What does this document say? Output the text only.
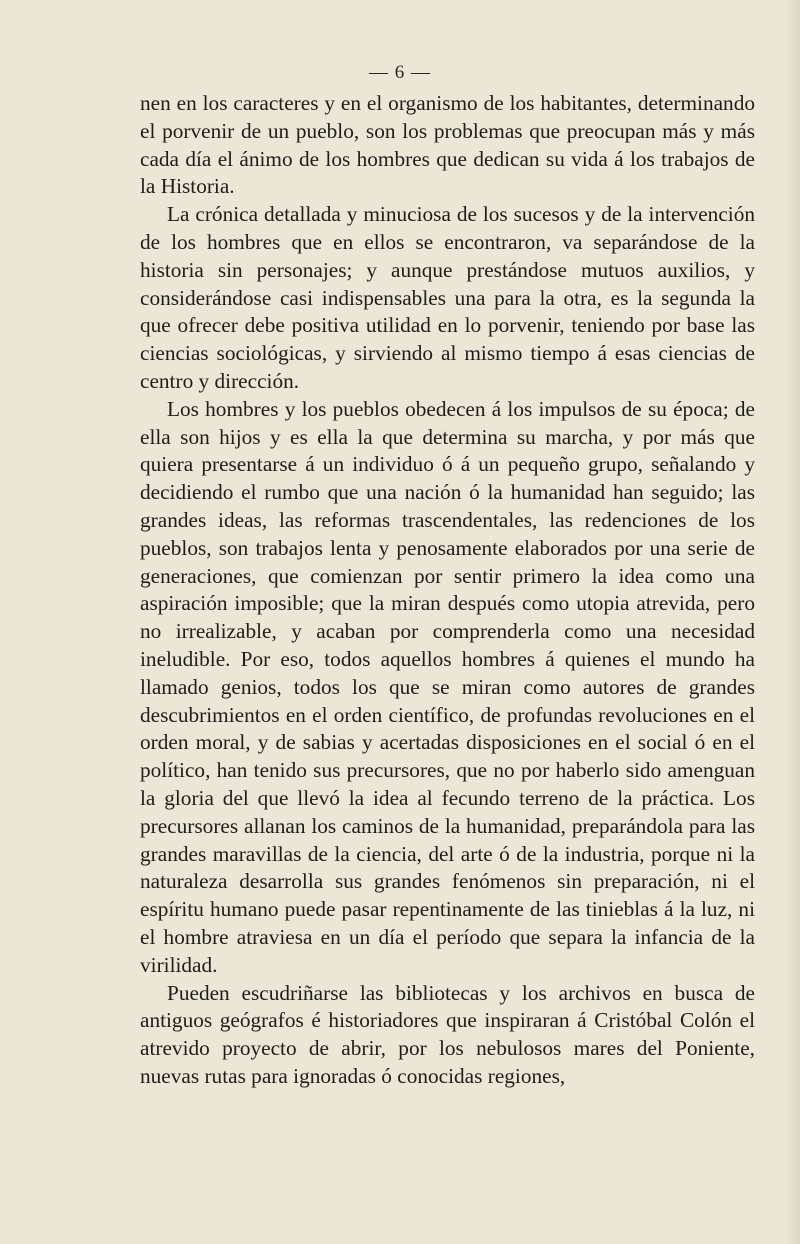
— 6 —

nen en los caracteres y en el organismo de los habitantes, determinando el porvenir de un pueblo, son los problemas que preocupan más y más cada día el ánimo de los hombres que dedican su vida á los trabajos de la Historia.

La crónica detallada y minuciosa de los sucesos y de la intervención de los hombres que en ellos se encontraron, va separándose de la historia sin personajes; y aunque prestándose mutuos auxilios, y considerándose casi indispensables una para la otra, es la segunda la que ofrecer debe positiva utilidad en lo porvenir, teniendo por base las ciencias sociológicas, y sirviendo al mismo tiempo á esas ciencias de centro y dirección.

Los hombres y los pueblos obedecen á los impulsos de su época; de ella son hijos y es ella la que determina su marcha, y por más que quiera presentarse á un individuo ó á un pequeño grupo, señalando y decidiendo el rumbo que una nación ó la humanidad han seguido; las grandes ideas, las reformas trascendentales, las redenciones de los pueblos, son trabajos lenta y penosamente elaborados por una serie de generaciones, que comienzan por sentir primero la idea como una aspiración imposible; que la miran después como utopia atrevida, pero no irrealizable, y acaban por comprenderla como una necesidad ineludible. Por eso, todos aquellos hombres á quienes el mundo ha llamado genios, todos los que se miran como autores de grandes descubrimientos en el orden científico, de profundas revoluciones en el orden moral, y de sabias y acertadas disposiciones en el social ó en el político, han tenido sus precursores, que no por haberlo sido amenguan la gloria del que llevó la idea al fecundo terreno de la práctica. Los precursores allanan los caminos de la humanidad, preparándola para las grandes maravillas de la ciencia, del arte ó de la industria, porque ni la naturaleza desarrolla sus grandes fenómenos sin preparación, ni el espíritu humano puede pasar repentinamente de las tinieblas á la luz, ni el hombre atraviesa en un día el período que separa la infancia de la virilidad.

Pueden escudriñarse las bibliotecas y los archivos en busca de antiguos geógrafos é historiadores que inspiraran á Cristóbal Colón el atrevido proyecto de abrir, por los nebulosos mares del Poniente, nuevas rutas para ignoradas ó conocidas regiones,
